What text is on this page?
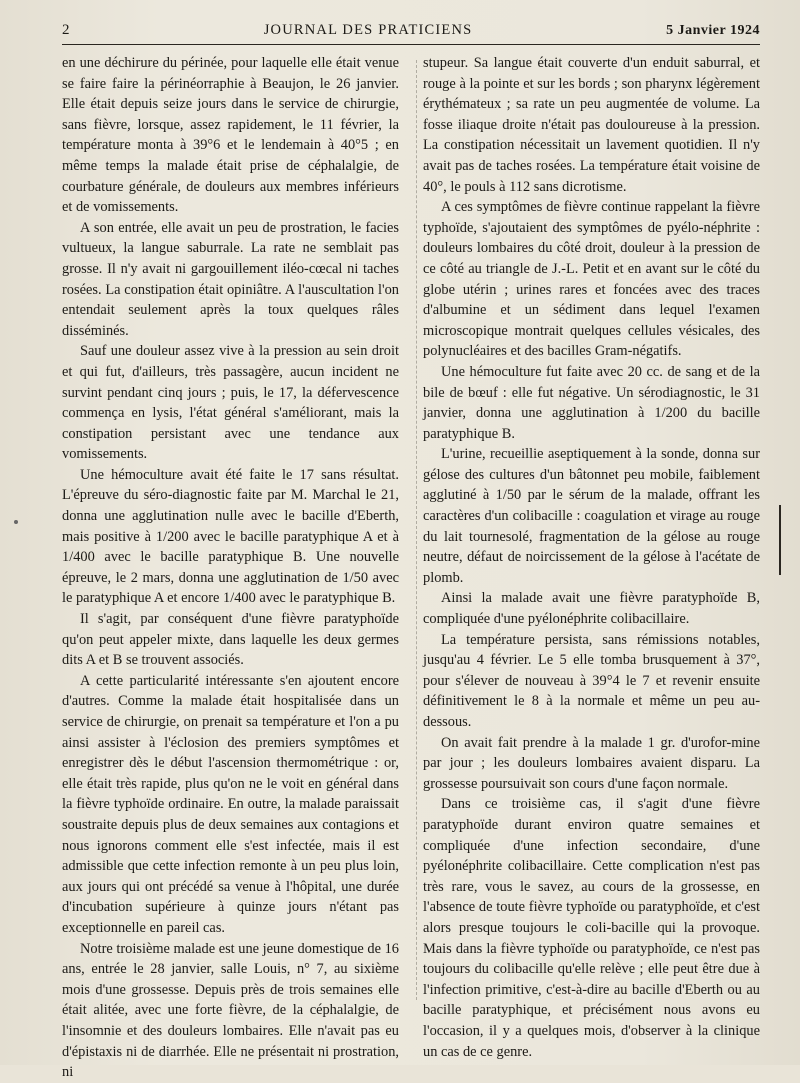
2	JOURNAL DES PRATICIENS	5 Janvier 1924

en une déchirure du périnée, pour laquelle elle était venue se faire faire la périnéorraphie à Beaujon, le 26 janvier. Elle était depuis seize jours dans le service de chirurgie, sans fièvre, lorsque, assez rapidement, le 11 février, la température monta à 39°6 et le lendemain à 40°5 ; en même temps la malade était prise de céphalalgie, de courbature générale, de douleurs aux membres inférieurs et de vomissements.

A son entrée, elle avait un peu de prostration, le facies vultueux, la langue saburrale. La rate ne semblait pas grosse. Il n'y avait ni gargouillement iléo-cœcal ni taches rosées. La constipation était opiniâtre. A l'auscultation l'on entendait seulement après la toux quelques râles disséminés.

Sauf une douleur assez vive à la pression au sein droit et qui fut, d'ailleurs, très passagère, aucun incident ne survint pendant cinq jours ; puis, le 17, la défervescence commença en lysis, l'état général s'améliorant, mais la constipation persistant avec une tendance aux vomissements.

Une hémoculture avait été faite le 17 sans résultat. L'épreuve du séro-diagnostic faite par M. Marchal le 21, donna une agglutination nulle avec le bacille d'Eberth, mais positive à 1/200 avec le bacille paratyphique A et à 1/400 avec le bacille paratyphique B. Une nouvelle épreuve, le 2 mars, donna une agglutination de 1/50 avec le paratyphique A et encore 1/400 avec le paratyphique B.

Il s'agit, par conséquent d'une fièvre paratyphoïde qu'on peut appeler mixte, dans laquelle les deux germes dits A et B se trouvent associés.

A cette particularité intéressante s'en ajoutent encore d'autres. Comme la malade était hospitalisée dans un service de chirurgie, on prenait sa température et l'on a pu ainsi assister à l'éclosion des premiers symptômes et enregistrer dès le début l'ascension thermométrique : or, elle était très rapide, plus qu'on ne le voit en général dans la fièvre typhoïde ordinaire. En outre, la malade paraissait soustraite depuis plus de deux semaines aux contagions et nous ignorons comment elle s'est infectée, mais il est admissible que cette infection remonte à un peu plus loin, aux jours qui ont précédé sa venue à l'hôpital, une durée d'incubation supérieure à quinze jours n'étant pas exceptionnelle en pareil cas.

Notre troisième malade est une jeune domestique de 16 ans, entrée le 28 janvier, salle Louis, n° 7, au sixième mois d'une grossesse. Depuis près de trois semaines elle était alitée, avec une forte fièvre, de la céphalalgie, de l'insomnie et des douleurs lombaires. Elle n'avait pas eu d'épistaxis ni de diarrhée. Elle ne présentait ni prostration, ni

stupeur. Sa langue était couverte d'un enduit saburral, et rouge à la pointe et sur les bords ; son pharynx légèrement érythémateux ; sa rate un peu augmentée de volume. La fosse iliaque droite n'était pas douloureuse à la pression. La constipation nécessitait un lavement quotidien. Il n'y avait pas de taches rosées. La température était voisine de 40°, le pouls à 112 sans dicrotisme.

A ces symptômes de fièvre continue rappelant la fièvre typhoïde, s'ajoutaient des symptômes de pyélo-néphrite : douleurs lombaires du côté droit, douleur à la pression de ce côté au triangle de J.-L. Petit et en avant sur le côté du globe utérin ; urines rares et foncées avec des traces d'albumine et un sédiment dans lequel l'examen microscopique montrait quelques cellules vésicales, des polynucléaires et des bacilles Gram-négatifs.

Une hémoculture fut faite avec 20 cc. de sang et de la bile de bœuf : elle fut négative. Un sérodiagnostic, le 31 janvier, donna une agglutination à 1/200 du bacille paratyphique B.

L'urine, recueillie aseptiquement à la sonde, donna sur gélose des cultures d'un bâtonnet peu mobile, faiblement agglutiné à 1/50 par le sérum de la malade, offrant les caractères d'un colibacille : coagulation et virage au rouge du lait tournesolé, fragmentation de la gélose au rouge neutre, défaut de noircissement de la gélose à l'acétate de plomb.

Ainsi la malade avait une fièvre paratyphoïde B, compliquée d'une pyélonéphrite colibacillaire.

La température persista, sans rémissions notables, jusqu'au 4 février. Le 5 elle tomba brusquement à 37°, pour s'élever de nouveau à 39°4 le 7 et revenir ensuite définitivement le 8 à la normale et même un peu au-dessous.

On avait fait prendre à la malade 1 gr. d'urofor-mine par jour ; les douleurs lombaires avaient disparu. La grossesse poursuivait son cours d'une façon normale.

Dans ce troisième cas, il s'agit d'une fièvre paratyphoïde durant environ quatre semaines et compliquée d'une infection secondaire, d'une pyélonéphrite colibacillaire. Cette complication n'est pas très rare, vous le savez, au cours de la grossesse, en l'absence de toute fièvre typhoïde ou paratyphoïde, et c'est alors presque toujours le coli-bacille qui la provoque. Mais dans la fièvre typhoïde ou paratyphoïde, ce n'est pas toujours du colibacille qu'elle relève ; elle peut être due à l'infection primitive, c'est-à-dire au bacille d'Eberth ou au bacille paratyphique, et précisément nous avons eu l'occasion, il y a quelques mois, d'observer à la clinique un cas de ce genre.
